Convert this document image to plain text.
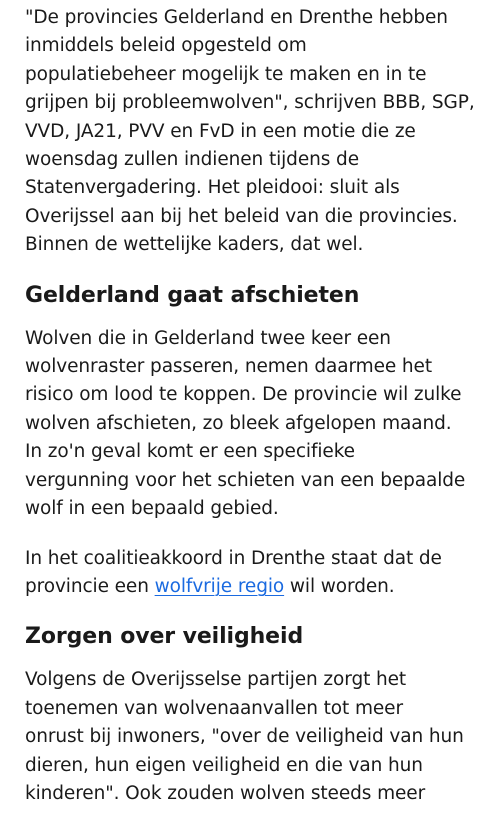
"De provincies Gelderland en Drenthe hebben
inmiddels beleid opgesteld om
populatiebeheer mogelijk te maken en in te
grijpen bij probleemwolven", schrijven BBB, SGP,
VVD, JA21, PVV en FvD in een motie die ze
woensdag zullen indienen tijdens de
Statenvergadering. Het pleidooi: sluit als
Overijssel aan bij het beleid van die provincies.
Binnen de wettelijke kaders, dat wel.

Gelderland gaat afschieten

Wolven die in Gelderland twee keer een
wolvenraster passeren, nemen daarmee het
risico om lood te koppen. De provincie wil zulke
wolven afschieten, zo bleek afgelopen maand.
In zo'n geval komt er een specifieke
vergunning voor het schieten van een bepaalde
wolf in een bepaald gebied.

In het coalitieakkoord in Drenthe staat dat de
provincie een wolfvrije regio wil worden.

Zorgen over veiligheid

Volgens de Overijsselse partijen zorgt het
toenemen van wolvenaanvallen tot meer
onrust bij inwoners, "over de veiligheid van hun
dieren, hun eigen veiligheid en die van hun
kinderen". Ook zouden wolven steeds meer
